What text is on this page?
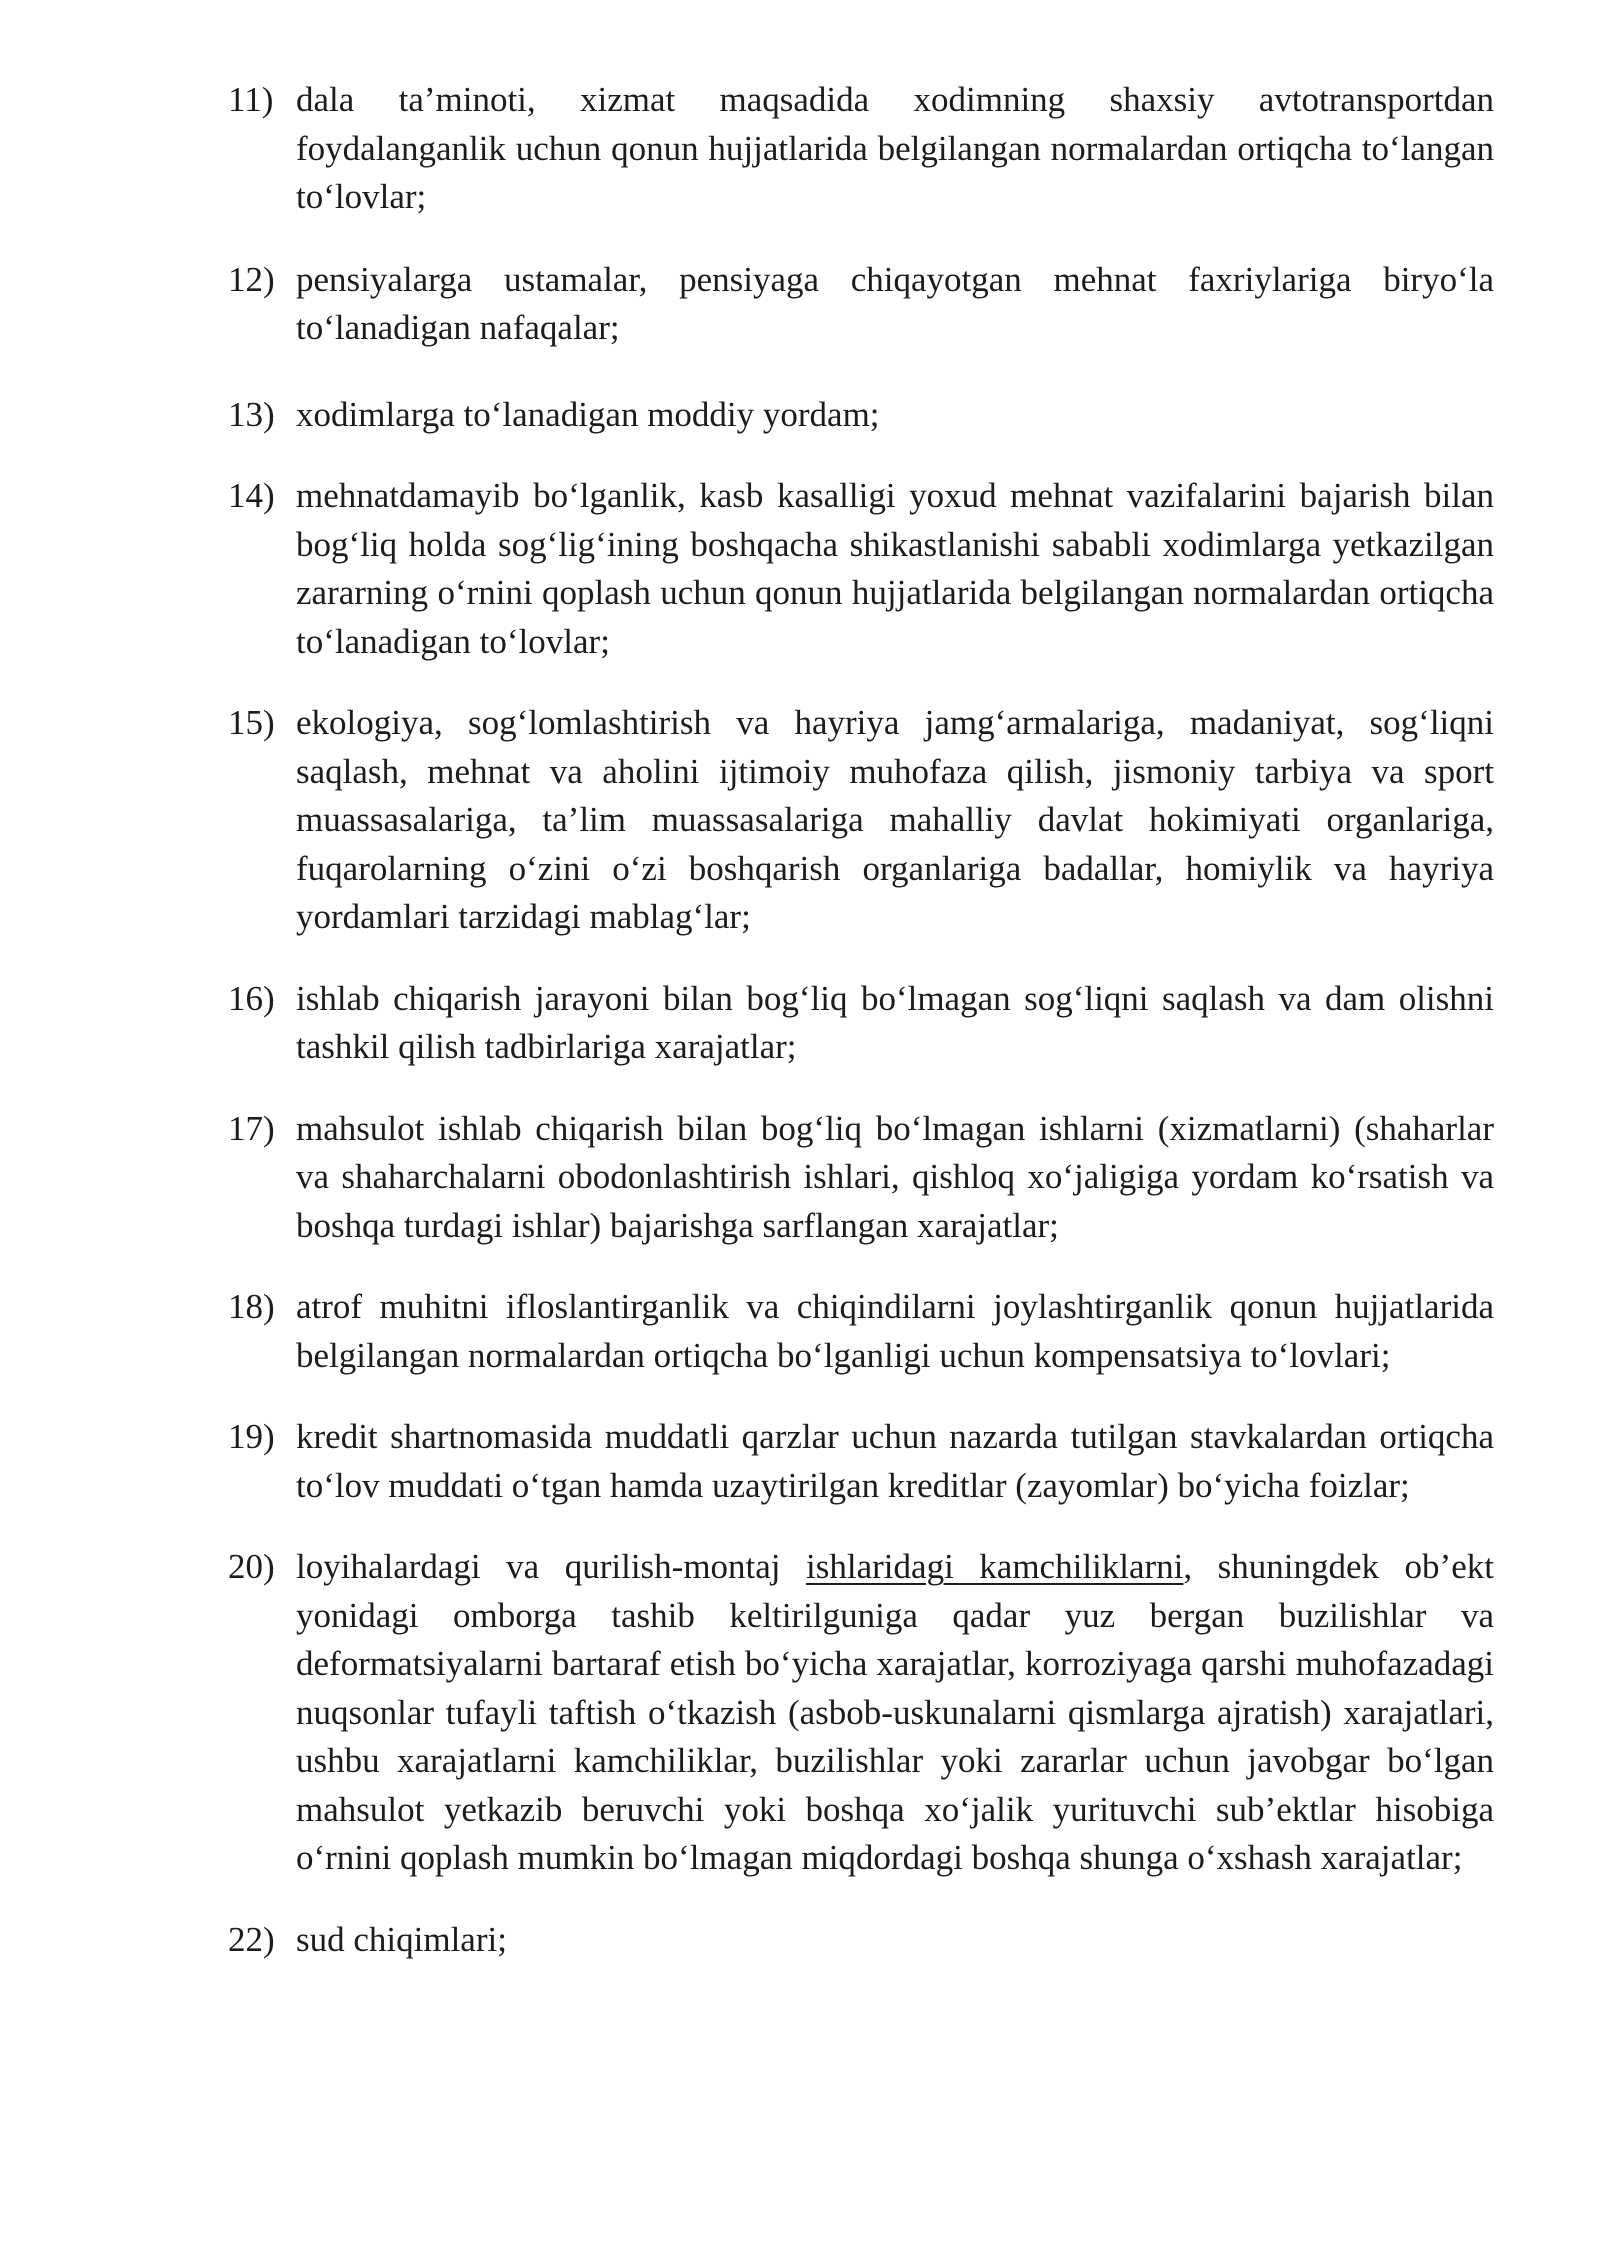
11) dala ta’minoti, xizmat maqsadida xodimning shaxsiy avtotransportdan foydalanganlik uchun qonun hujjatlarida belgilangan normalardan ortiqcha to‘langan to‘lovlar;
12) pensiyalarga ustamalar, pensiyaga chiqayotgan mehnat faxriylariga biryo‘la to‘lanadigan nafaqalar;
13) xodimlarga to‘lanadigan moddiy yordam;
14) mehnatdamayib bo‘lganlik, kasb kasalligi yoxud mehnat vazifalarini bajarish bilan bog‘liq holda sog‘lig‘ining boshqacha shikastlanishi sababli xodimlarga yetkazilgan zararning o‘rnini qoplash uchun qonun hujjatlarida belgilangan normalardan ortiqcha to‘lanadigan to‘lovlar;
15) ekologiya, sog‘lomlashtirish va hayriya jamg‘armalariga, madaniyat, sog‘liqni saqlash, mehnat va aholini ijtimoiy muhofaza qilish, jismoniy tarbiya va sport muassasalariga, ta’lim muassasalariga mahalliy davlat hokimiyati organlariga, fuqarolarning o‘zini o‘zi boshqarish organlariga badallar, homiylik va hayriya yordamlari tarzidagi mablag‘lar;
16) ishlab chiqarish jarayoni bilan bog‘liq bo‘lmagan sog‘liqni saqlash va dam olishni tashkil qilish tadbirlariga xarajatlar;
17) mahsulot ishlab chiqarish bilan bog‘liq bo‘lmagan ishlarni (xizmatlarni) (shaharlar va shaharchalarni obodonlashtirish ishlari, qishloq xo‘jaligiga yordam ko‘rsatish va boshqa turdagi ishlar) bajarishga sarflangan xarajatlar;
18) atrof muhitni ifloslantirganlik va chiqindilarni joylashtirganlik qonun hujjatlarida belgilangan normalardan ortiqcha bo‘lganligi uchun kompensatsiya to‘lovlari;
19) kredit shartnomasida muddatli qarzlar uchun nazarda tutilgan stavkalardan ortiqcha to‘lov muddati o‘tgan hamda uzaytirilgan kreditlar (zayomlar) bo‘yicha foizlar;
20) loyihalardagi va qurilish-montaj ishlaridagi kamchiliklarni, shuningdek ob’ekt yonidagi omborga tashib keltirilguniga qadar yuz bergan buzilishlar va deformatsiyalarni bartaraf etish bo‘yicha xarajatlar, korroziyaga qarshi muhofazadagi nuqsonlar tufayli taftish o‘tkazish (asbob-uskunalarni qismlarga ajratish) xarajatlari, ushbu xarajatlarni kamchiliklar, buzilishlar yoki zararlar uchun javobgar bo‘lgan mahsulot yetkazib beruvchi yoki boshqa xo‘jalik yurituvchi sub’ektlar hisobiga o‘rnini qoplash mumkin bo‘lmagan miqdordagi boshqa shunga o‘xshash xarajatlar;
22) sud chiqimlari;
